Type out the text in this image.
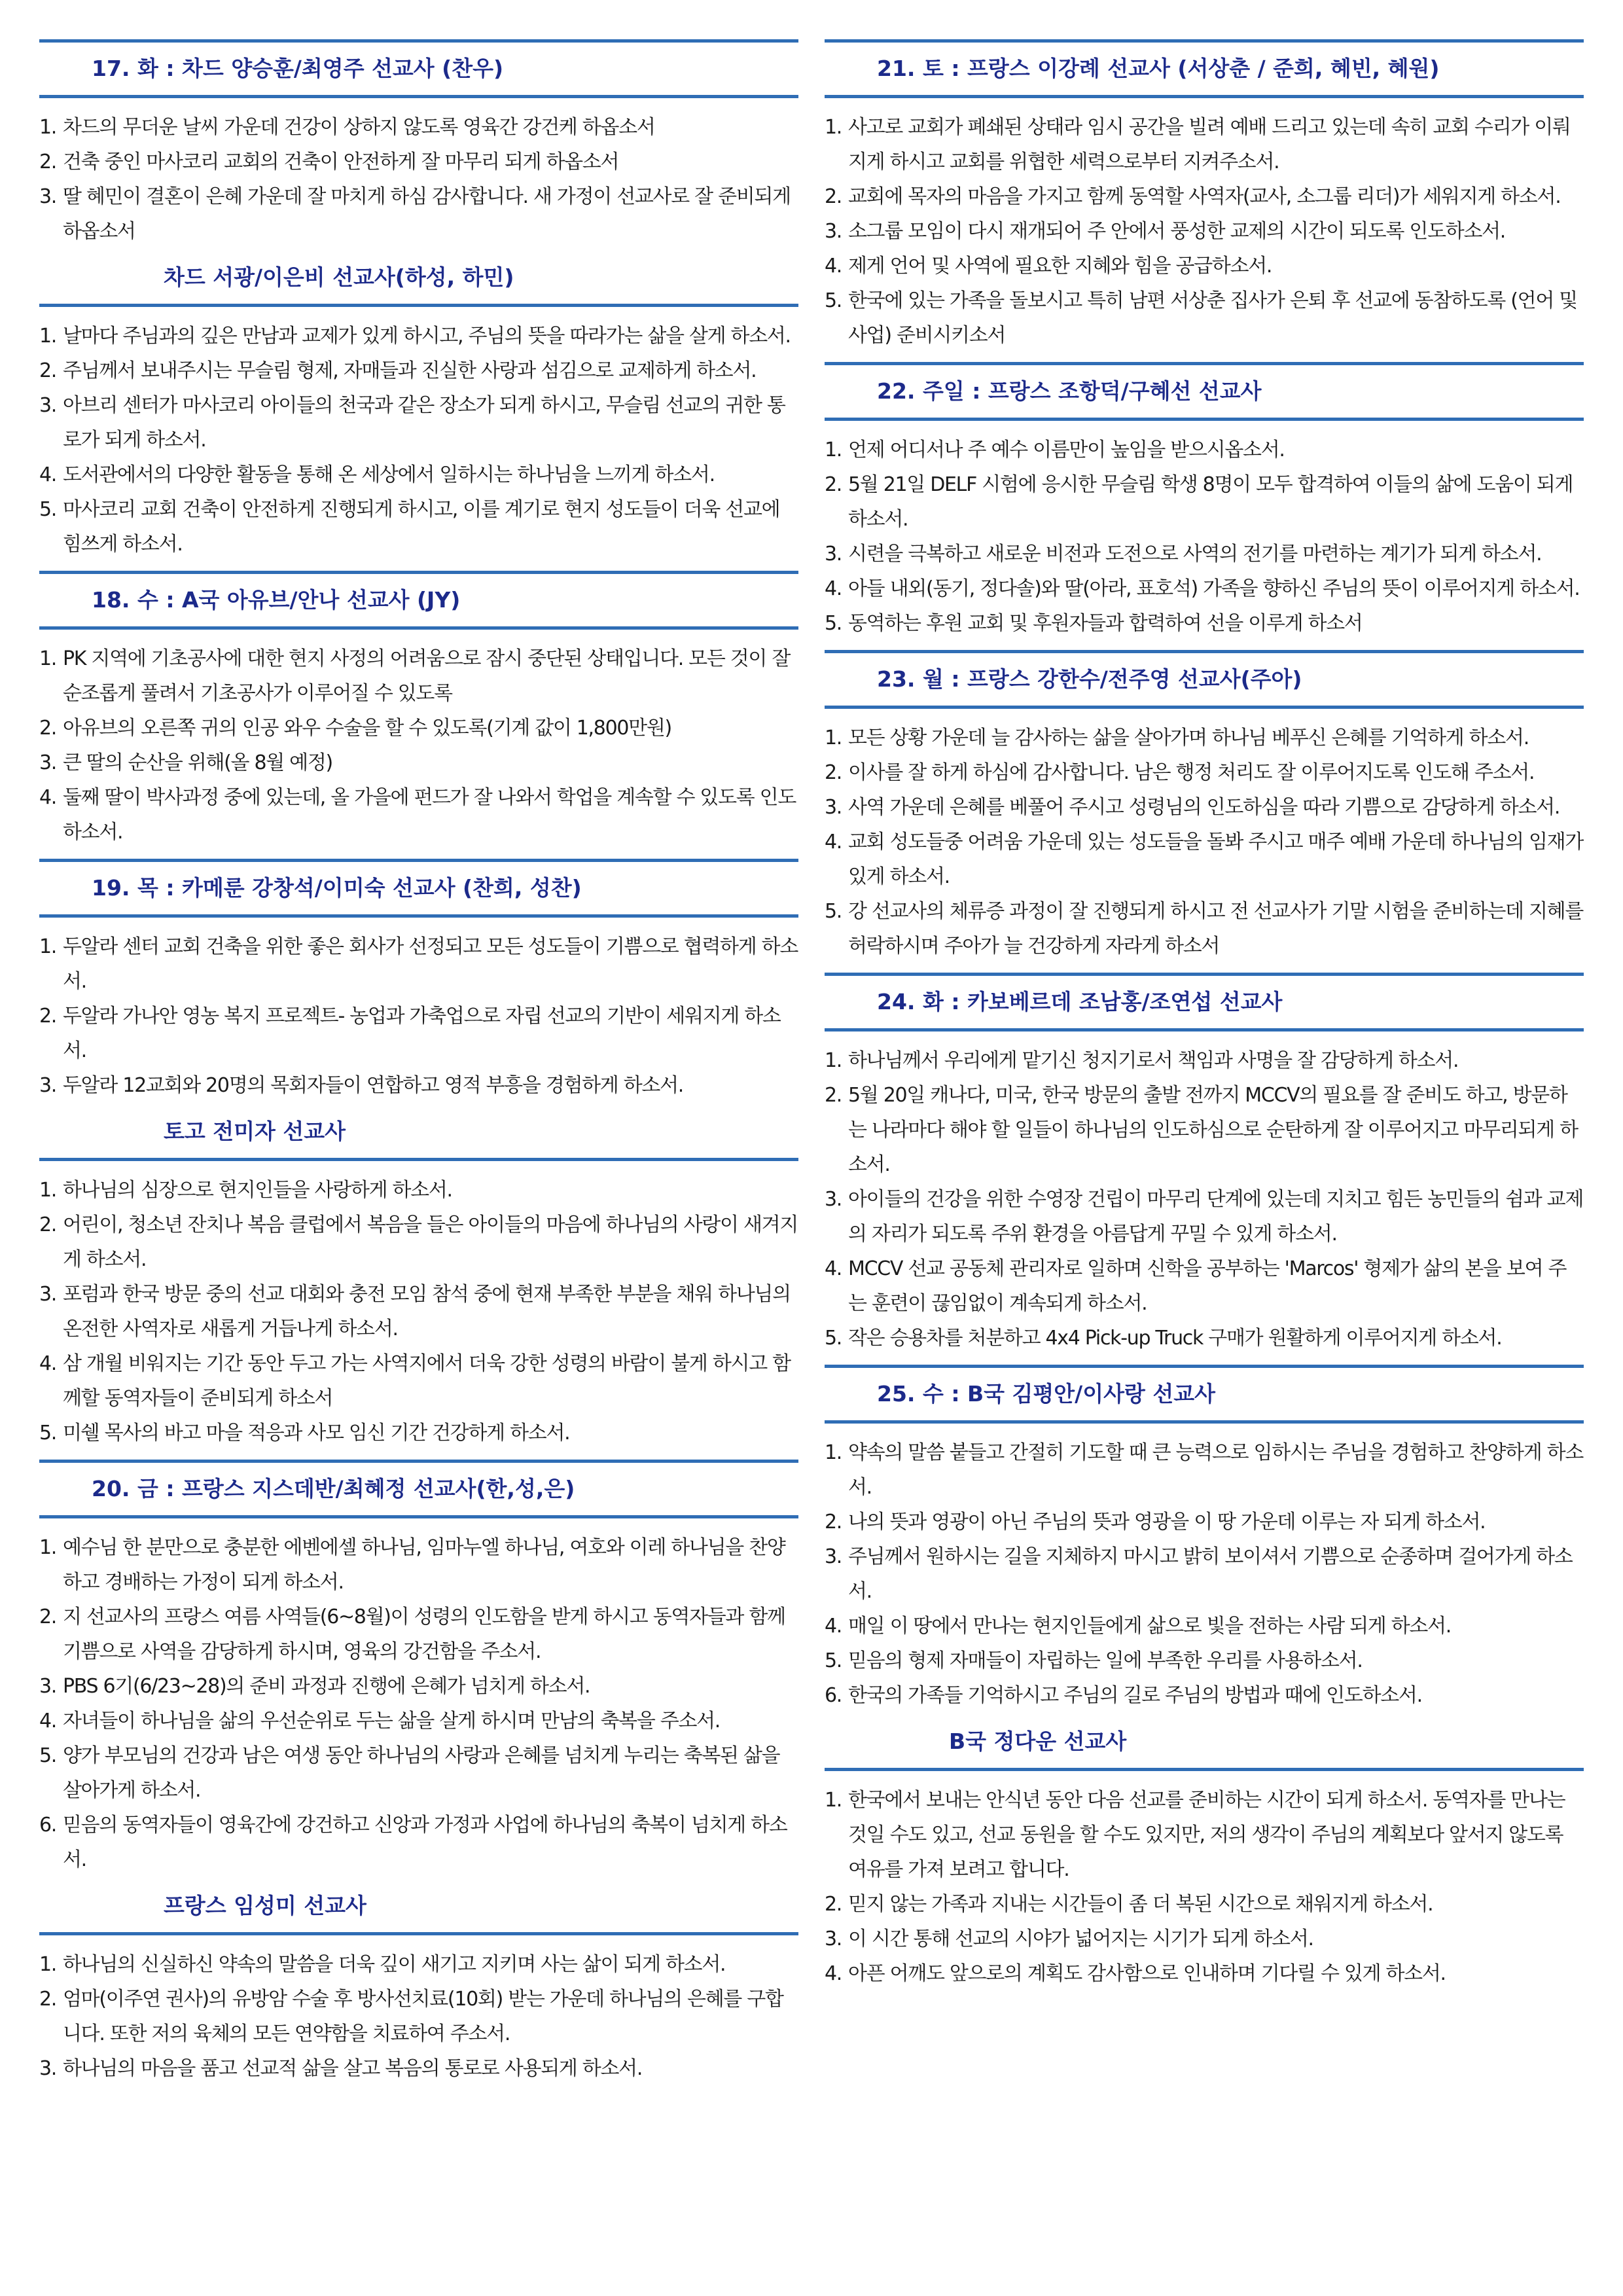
17. 화 : 차드 양승훈/최영주 선교사 (찬우)
1. 차드의 무더운 날씨 가운데 건강이 상하지 않도록 영육간 강건케 하옵소서
2. 건축 중인 마사코리 교회의 건축이 안전하게 잘 마무리 되게 하옵소서
3. 딸 혜민이 결혼이 은혜 가운데 잘 마치게 하심 감사합니다. 새 가정이 선교사로 잘 준비되게 하옵소서
차드 서광/이은비 선교사(하성, 하민)
1. 날마다 주님과의 깊은 만남과 교제가 있게 하시고, 주님의 뜻을 따라가는 삶을 살게 하소서.
2. 주님께서 보내주시는 무슬림 형제, 자매들과 진실한 사랑과 섬김으로 교제하게 하소서.
3. 아브리 센터가 마사코리 아이들의 천국과 같은 장소가 되게 하시고, 무슬림 선교의 귀한 통로가 되게 하소서.
4. 도서관에서의 다양한 활동을 통해 온 세상에서 일하시는 하나님을 느끼게 하소서.
5. 마사코리 교회 건축이 안전하게 진행되게 하시고, 이를 계기로 현지 성도들이 더욱 선교에 힘쓰게 하소서.
18. 수 : A국 아유브/안나 선교사 (JY)
1. PK 지역에 기초공사에 대한 현지 사정의 어려움으로 잠시 중단된 상태입니다. 모든 것이 잘 순조롭게 풀려서 기초공사가 이루어질 수 있도록
2. 아유브의 오른쪽 귀의 인공 와우 수술을 할 수 있도록(기계 값이 1,800만원)
3. 큰 딸의 순산을 위해(올 8월 예정)
4. 둘째 딸이 박사과정 중에 있는데, 올 가을에 펀드가 잘 나와서 학업을 계속할 수 있도록 인도하소서.
19. 목 : 카메룬 강창석/이미숙 선교사 (찬희, 성찬)
1. 두알라 센터 교회 건축을 위한 좋은 회사가 선정되고 모든 성도들이 기쁨으로 협력하게 하소서.
2. 두알라 가나안 영농 복지 프로젝트- 농업과 가축업으로 자립 선교의 기반이 세워지게 하소서.
3. 두알라 12교회와 20명의 목회자들이 연합하고 영적 부흥을 경험하게 하소서.
토고 전미자 선교사
1. 하나님의 심장으로 현지인들을 사랑하게 하소서.
2. 어린이, 청소년 잔치나 복음 클럽에서 복음을 들은 아이들의 마음에 하나님의 사랑이 새겨지게 하소서.
3. 포럼과 한국 방문 중의 선교 대회와 충전 모임 참석 중에 현재 부족한 부분을 채워 하나님의 온전한 사역자로 새롭게 거듭나게 하소서.
4. 삼 개월 비워지는 기간 동안 두고 가는 사역지에서 더욱 강한 성령의 바람이 불게 하시고 함께할 동역자들이 준비되게 하소서
5. 미쉘 목사의 바고 마을 적응과 사모 임신 기간 건강하게 하소서.
20. 금 : 프랑스 지스데반/최혜정 선교사(한,성,은)
1. 예수님 한 분만으로 충분한 에벤에셀 하나님, 임마누엘 하나님, 여호와 이레 하나님을 찬양하고 경배하는 가정이 되게 하소서.
2. 지 선교사의 프랑스 여름 사역들(6~8월)이 성령의 인도함을 받게 하시고 동역자들과 함께 기쁨으로 사역을 감당하게 하시며, 영육의 강건함을 주소서.
3. PBS 6기(6/23~28)의 준비 과정과 진행에 은혜가 넘치게 하소서.
4. 자녀들이 하나님을 삶의 우선순위로 두는 삶을 살게 하시며 만남의 축복을 주소서.
5. 양가 부모님의 건강과 남은 여생 동안 하나님의 사랑과 은혜를 넘치게 누리는 축복된 삶을 살아가게 하소서.
6. 믿음의 동역자들이 영육간에 강건하고 신앙과 가정과 사업에 하나님의 축복이 넘치게 하소서.
프랑스 임성미 선교사
1. 하나님의 신실하신 약속의 말씀을 더욱 깊이 새기고 지키며 사는 삶이 되게 하소서.
2. 엄마(이주연 권사)의 유방암 수술 후 방사선치료(10회) 받는 가운데 하나님의 은혜를 구합니다. 또한 저의 육체의 모든 연약함을 치료하여 주소서.
3. 하나님의 마음을 품고 선교적 삶을 살고 복음의 통로로 사용되게 하소서.
21. 토 : 프랑스 이강례 선교사 (서상춘 / 준희, 혜빈, 혜원)
1. 사고로 교회가 폐쇄된 상태라 임시 공간을 빌려 예배 드리고 있는데 속히 교회 수리가 이뤄지게 하시고 교회를 위협한 세력으로부터 지켜주소서.
2. 교회에 목자의 마음을 가지고 함께 동역할 사역자(교사, 소그룹 리더)가 세워지게 하소서.
3. 소그룹 모임이 다시 재개되어 주 안에서 풍성한 교제의 시간이 되도록 인도하소서.
4. 제게 언어 및 사역에 필요한 지혜와 힘을 공급하소서.
5. 한국에 있는 가족을 돌보시고 특히 남편 서상춘 집사가 은퇴 후 선교에 동참하도록 (언어 및 사업) 준비시키소서
22. 주일 : 프랑스 조항덕/구혜선 선교사
1. 언제 어디서나 주 예수 이름만이 높임을 받으시옵소서.
2. 5월 21일 DELF 시험에 응시한 무슬림 학생 8명이 모두 합격하여 이들의 삶에 도움이 되게 하소서.
3. 시련을 극복하고 새로운 비전과 도전으로 사역의 전기를 마련하는 계기가 되게 하소서.
4. 아들 내외(동기, 정다솔)와 딸(아라, 표호석) 가족을 향하신 주님의 뜻이 이루어지게 하소서.
5. 동역하는 후원 교회 및 후원자들과 합력하여 선을 이루게 하소서
23. 월 : 프랑스 강한수/전주영 선교사(주아)
1. 모든 상황 가운데 늘 감사하는 삶을 살아가며 하나님 베푸신 은혜를 기억하게 하소서.
2. 이사를 잘 하게 하심에 감사합니다. 남은 행정 처리도 잘 이루어지도록 인도해 주소서.
3. 사역 가운데 은혜를 베풀어 주시고 성령님의 인도하심을 따라 기쁨으로 감당하게 하소서.
4. 교회 성도들중 어려움 가운데 있는 성도들을 돌봐 주시고 매주 예배 가운데 하나님의 임재가 있게 하소서.
5. 강 선교사의 체류증 과정이 잘 진행되게 하시고 전 선교사가 기말 시험을 준비하는데 지혜를 허락하시며 주아가 늘 건강하게 자라게 하소서
24. 화 : 카보베르데 조남홍/조연섭 선교사
1. 하나님께서 우리에게 맡기신 청지기로서 책임과 사명을 잘 감당하게 하소서.
2. 5월 20일 캐나다, 미국, 한국 방문의 출발 전까지 MCCV의 필요를 잘 준비도 하고, 방문하는 나라마다 해야 할 일들이 하나님의 인도하심으로 순탄하게 잘 이루어지고 마무리되게 하소서.
3. 아이들의 건강을 위한 수영장 건립이 마무리 단계에 있는데 지치고 힘든 농민들의 쉼과 교제의 자리가 되도록 주위 환경을 아름답게 꾸밀 수 있게 하소서.
4. MCCV 선교 공동체 관리자로 일하며 신학을 공부하는 'Marcos' 형제가 삶의 본을 보여 주는 훈련이 끊임없이 계속되게 하소서.
5. 작은 승용차를 처분하고 4x4 Pick-up Truck 구매가 원활하게 이루어지게 하소서.
25. 수 : B국 김평안/이사랑 선교사
1. 약속의 말씀 붙들고 간절히 기도할 때 큰 능력으로 임하시는 주님을 경험하고 찬양하게 하소서.
2. 나의 뜻과 영광이 아닌 주님의 뜻과 영광을 이 땅 가운데 이루는 자 되게 하소서.
3. 주님께서 원하시는 길을 지체하지 마시고 밝히 보이셔서 기쁨으로 순종하며 걸어가게 하소서.
4. 매일 이 땅에서 만나는 현지인들에게 삶으로 빛을 전하는 사람 되게 하소서.
5. 믿음의 형제 자매들이 자립하는 일에 부족한 우리를 사용하소서.
6. 한국의 가족들 기억하시고 주님의 길로 주님의 방법과 때에 인도하소서.
B국 정다운 선교사
1. 한국에서 보내는 안식년 동안 다음 선교를 준비하는 시간이 되게 하소서. 동역자를 만나는 것일 수도 있고, 선교 동원을 할 수도 있지만, 저의 생각이 주님의 계획보다 앞서지 않도록 여유를 가져 보려고 합니다.
2. 믿지 않는 가족과 지내는 시간들이 좀 더 복된 시간으로 채워지게 하소서.
3. 이 시간 통해 선교의 시야가 넓어지는 시기가 되게 하소서.
4. 아픈 어깨도 앞으로의 계획도 감사함으로 인내하며 기다릴 수 있게 하소서.
